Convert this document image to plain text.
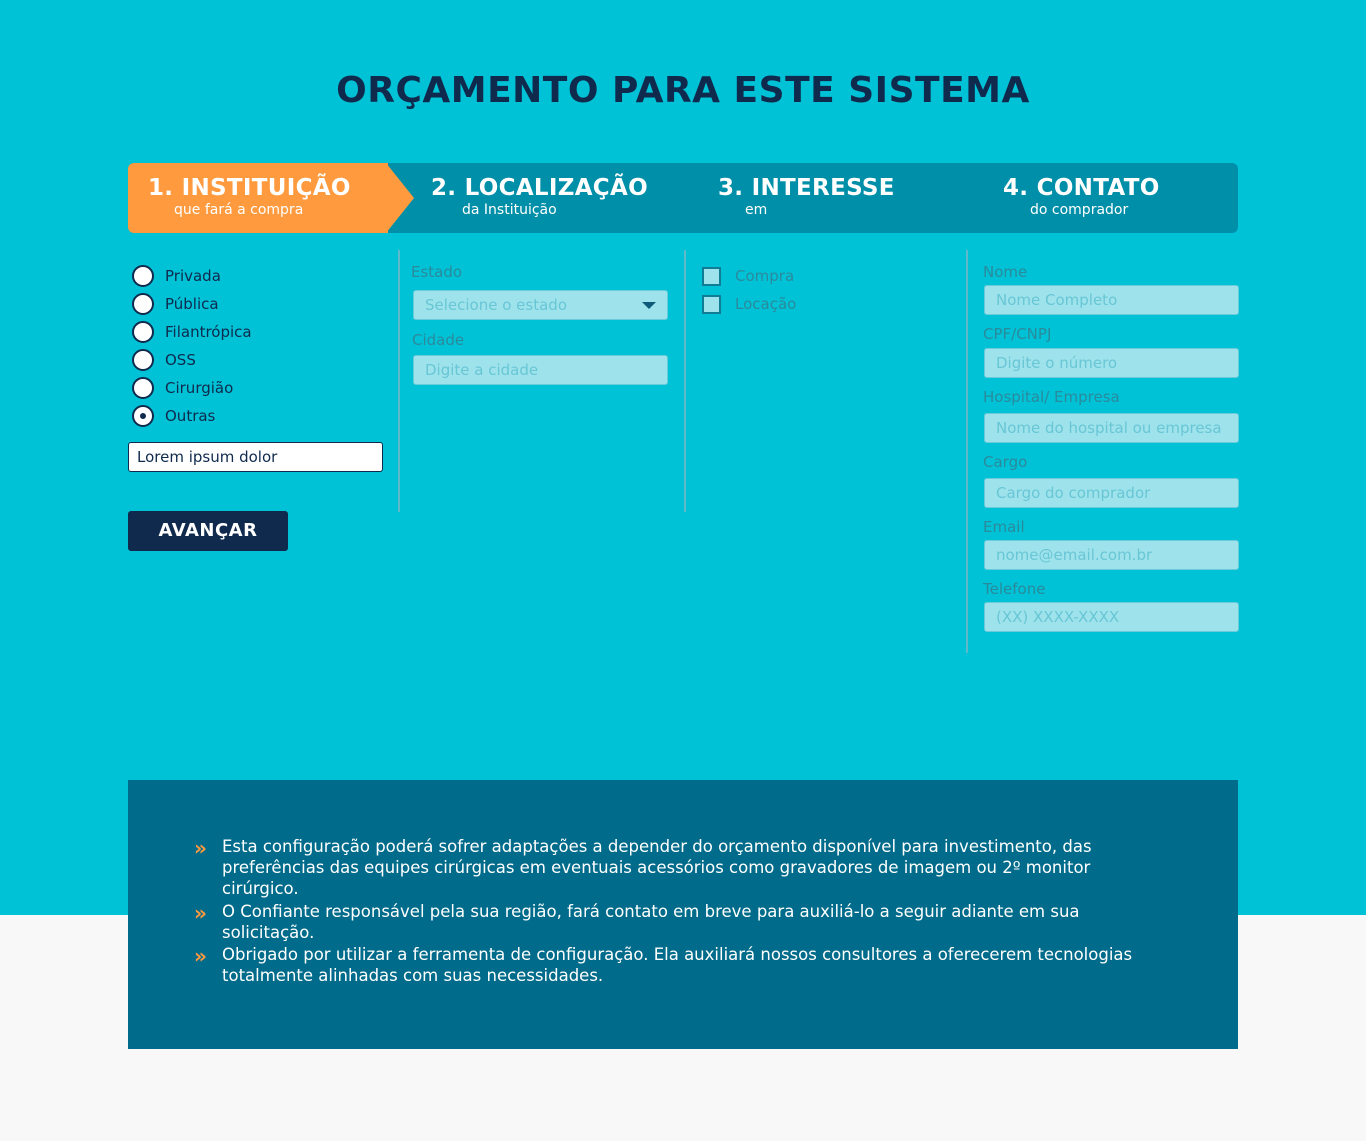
ORÇAMENTO PARA ESTE SISTEMA
1. INSTITUIÇÃO
que fará a compra
2. LOCALIZAÇÃO
da Instituição
3. INTERESSE
em
4. CONTATO
do comprador
Privada
Pública
Filantrópica
OSS
Cirurgião
Outras
Lorem ipsum dolor
AVANÇAR
Estado
Selecione o estado
Cidade
Digite a cidade
Compra
Locação
Nome
Nome Completo
CPF/CNPJ
Digite o número
Hospital/ Empresa
Nome do hospital ou empresa
Cargo
Cargo do comprador
Email
nome@email.com.br
Telefone
(XX) XXXX-XXXX
» Esta configuração poderá sofrer adaptações a depender do orçamento disponível para investimento, das preferências das equipes cirúrgicas em eventuais acessórios como gravadores de imagem ou 2º monitor cirúrgico.
» O Confiante responsável pela sua região, fará contato em breve para auxiliá-lo a seguir adiante em sua solicitação.
» Obrigado por utilizar a ferramenta de configuração. Ela auxiliará nossos consultores a oferecerem tecnologias totalmente alinhadas com suas necessidades.
